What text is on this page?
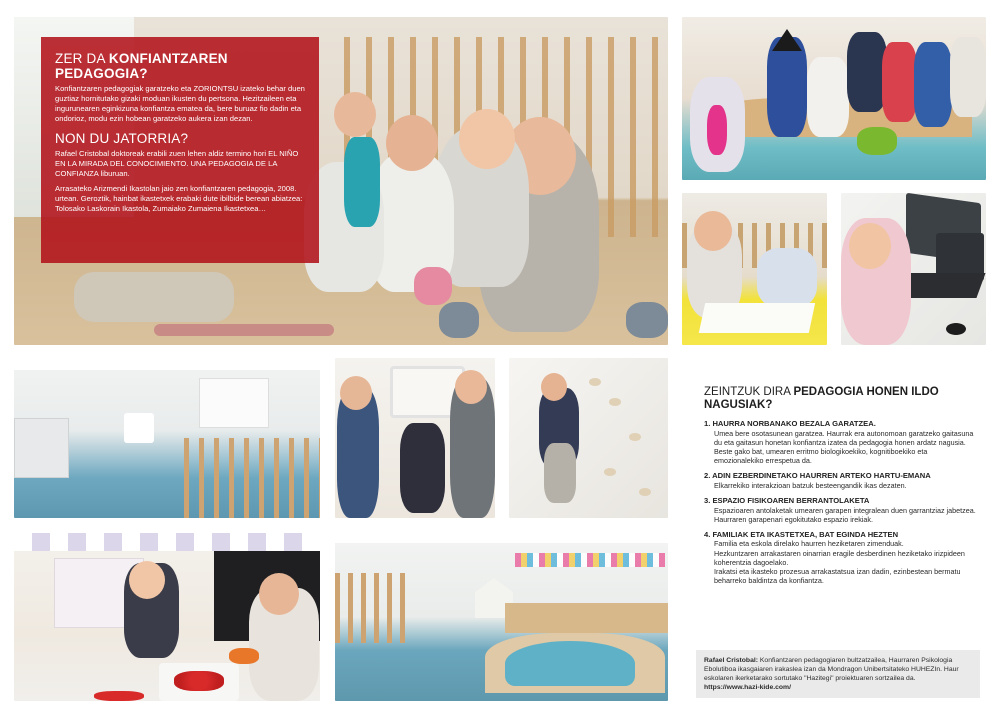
ZER DA KONFIANTZAREN PEDAGOGIA?

Konfiantzaren pedagogiak garatzeko eta ZORIONTSU izateko behar duen guztiaz hornitutako gizaki moduan ikusten du pertsona. Hezitzaileen eta ingurunearen eginkizuna konfiantza ematea da, bere buruaz fio dadin eta ondorioz, modu ezin hobean garatzeko aukera izan dezan.

NON DU JATORRIA?

Rafael Cristobal doktoreak erabili zuen lehen aldiz termino hori EL NIÑO EN LA MIRADA DEL CONOCIMIENTO. UNA PEDAGOGIA DE LA CONFIANZA liburuan.

Arrasateko Arizmendi Ikastolan jaio zen konfiantzaren pedagogia, 2008. urtean. Geroztik, hainbat ikastetxek erabaki dute ibilbide berean abiatzea: Tolosako Laskorain Ikastola, Zumaiako Zumaiena Ikastetxea…

ZEINTZUK DIRA PEDAGOGIA HONEN ILDO NAGUSIAK?
1. HAURRA NORBANAKO BEZALA GARATZEA.
Umea bere osotasunean garatzea. Haurrak era autonomoan garatzeko gaitasuna du eta gaitasun honetan konfiantza izatea da pedagogia honen ardatz nagusia. Beste gako bat, umearen erritmo biologikoekiko, kognitiboekiko eta emozionalekiko errespetua da.
2. ADIN EZBERDINETAKO HAURREN ARTEKO HARTU-EMANA
Elkarrekiko interakzioan batzuk besteengandik ikas dezaten.
3. ESPAZIO FISIKOAREN BERRANTOLAKETA
Espazioaren antolaketak umearen garapen integralean duen garrantziaz jabetzea.
Haurraren garapenari egokitutako espazio irekiak.
4. FAMILIAK ETA IKASTETXEA, BAT EGINDA HEZTEN
Familia eta eskola direlako haurren heziketaren zimenduak.
Hezkuntzaren arrakastaren oinarrian eragile desberdinen heziketako irizpideen koherentzia dagoelako.
Irakatsi eta ikasteko prozesua arrakastatsua izan dadin, ezinbestean bermatu beharreko baldintza da konfiantza.
Rafael Cristobal: Konfiantzaren pedagogiaren bultzatzailea, Haurraren Psikologia Ebolutiboa ikasgaiaren irakaslea izan da Mondragon Unibertsitateko HUHEZIn. Haur eskolaren ikerketarako sortutako "Hazitegi" proiektuaren sortzailea da. https://www.hazi-kide.com/
